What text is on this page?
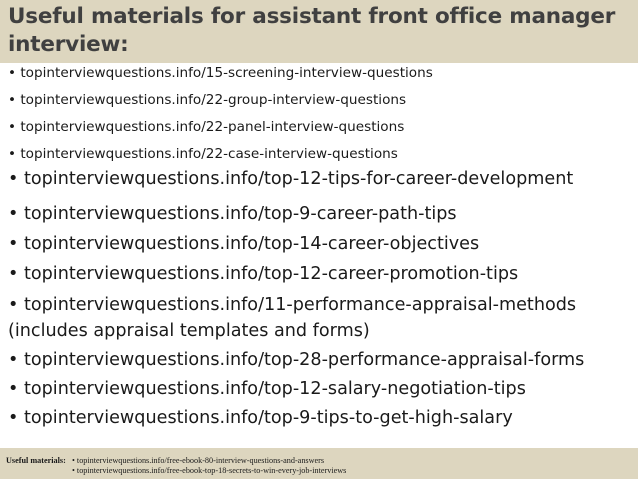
Useful materials for assistant front office manager
interview:
• topinterviewquestions.info/15-screening-interview-questions
• topinterviewquestions.info/22-group-interview-questions
• topinterviewquestions.info/22-panel-interview-questions
• topinterviewquestions.info/22-case-interview-questions
• topinterviewquestions.info/top-12-tips-for-career-development
• topinterviewquestions.info/top-9-career-path-tips
• topinterviewquestions.info/top-14-career-objectives
• topinterviewquestions.info/top-12-career-promotion-tips
• topinterviewquestions.info/11-performance-appraisal-methods (includes appraisal templates and forms)
• topinterviewquestions.info/top-28-performance-appraisal-forms
• topinterviewquestions.info/top-12-salary-negotiation-tips
• topinterviewquestions.info/top-9-tips-to-get-high-salary
Useful materials: • topinterviewquestions.info/free-ebook-80-interview-questions-and-answers
• topinterviewquestions.info/free-ebook-top-18-secrets-to-win-every-job-interviews
